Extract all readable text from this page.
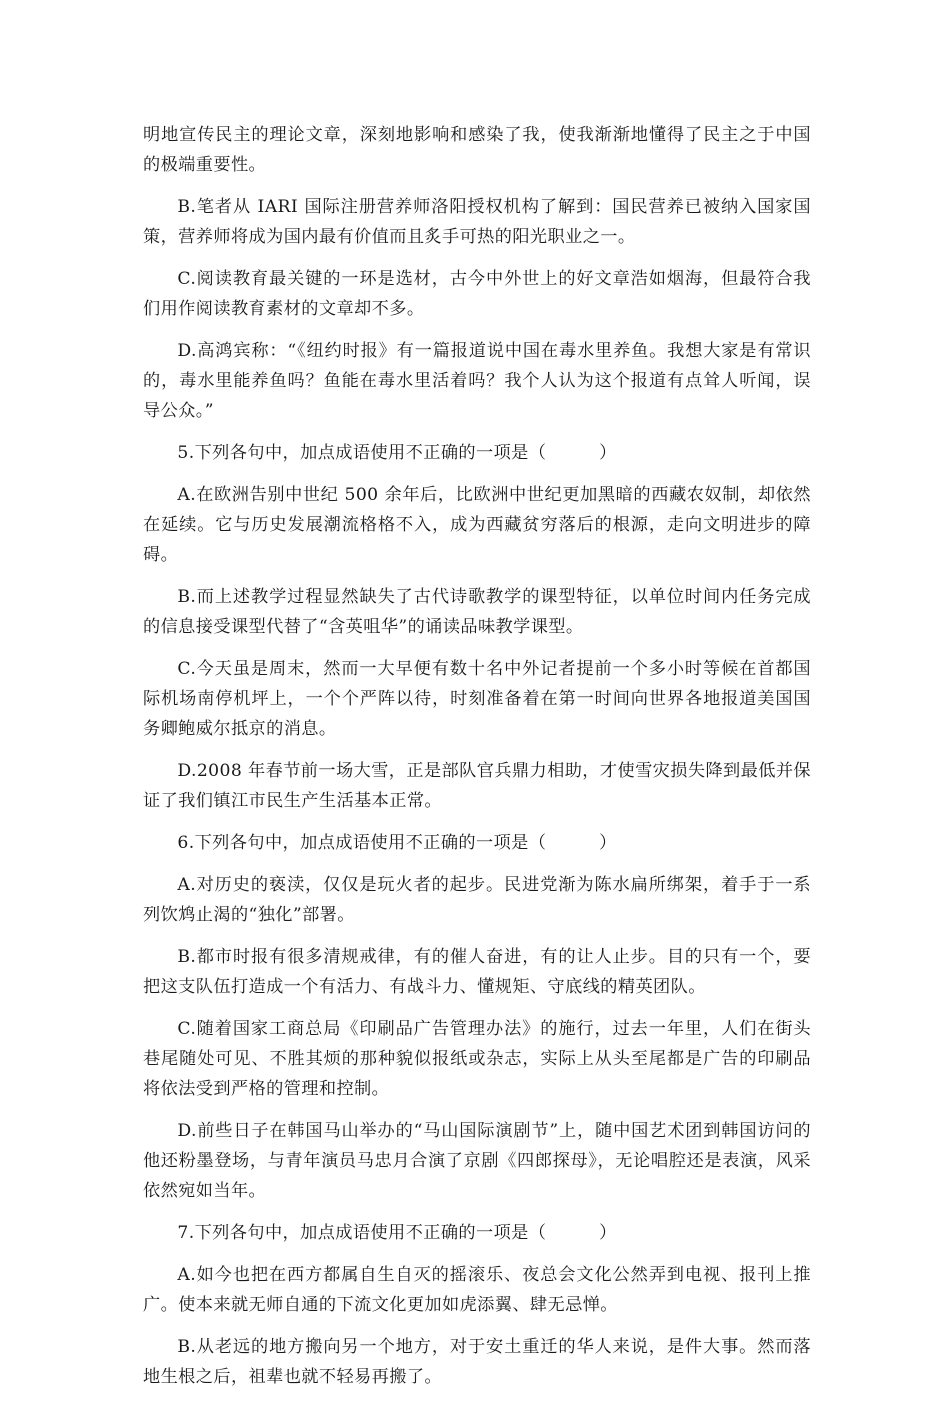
明地宣传民主的理论文章，深刻地影响和感染了我，使我渐渐地懂得了民主之于中国的极端重要性。

B.笔者从 IARI 国际注册营养师洛阳授权机构了解到：国民营养已被纳入国家国策，营养师将成为国内最有价值而且炙手可热的阳光职业之一。

C.阅读教育最关键的一环是选材，古今中外世上的好文章浩如烟海，但最符合我们用作阅读教育素材的文章却不多。

D.高鸿宾称：“《纽约时报》有一篇报道说中国在毒水里养鱼。我想大家是有常识的，毒水里能养鱼吗？鱼能在毒水里活着吗？我个人认为这个报道有点耸人听闻，误导公众。”

5.下列各句中，加点成语使用不正确的一项是（　　　）

A.在欧洲告别中世纪 500 余年后，比欧洲中世纪更加黑暗的西藏农奴制，却依然在延续。它与历史发展潮流格格不入，成为西藏贫穷落后的根源，走向文明进步的障碍。

B.而上述教学过程显然缺失了古代诗歌教学的课型特征，以单位时间内任务完成的信息接受课型代替了“含英咀华”的诵读品味教学课型。

C.今天虽是周末，然而一大早便有数十名中外记者提前一个多小时等候在首都国际机场南停机坪上，一个个严阵以待，时刻准备着在第一时间向世界各地报道美国国务卿鲍威尔抵京的消息。

D.2008 年春节前一场大雪，正是部队官兵鼎力相助，才使雪灾损失降到最低并保证了我们镇江市民生产生活基本正常。

6.下列各句中，加点成语使用不正确的一项是（　　　）

A.对历史的亵渎，仅仅是玩火者的起步。民进党渐为陈水扁所绑架，着手于一系列饮鸩止渴的“独化”部署。

B.都市时报有很多清规戒律，有的催人奋进，有的让人止步。目的只有一个，要把这支队伍打造成一个有活力、有战斗力、懂规矩、守底线的精英团队。

C.随着国家工商总局《印刷品广告管理办法》的施行，过去一年里，人们在街头巷尾随处可见、不胜其烦的那种貌似报纸或杂志，实际上从头至尾都是广告的印刷品将依法受到严格的管理和控制。

D.前些日子在韩国马山举办的“马山国际演剧节”上，随中国艺术团到韩国访问的他还粉墨登场，与青年演员马忠月合演了京剧《四郎探母》，无论唱腔还是表演，风采依然宛如当年。

7.下列各句中，加点成语使用不正确的一项是（　　　）

A.如今也把在西方都属自生自灭的摇滚乐、夜总会文化公然弄到电视、报刊上推广。使本来就无师自通的下流文化更加如虎添翼、肆无忌惮。

B.从老远的地方搬向另一个地方，对于安土重迁的华人来说，是件大事。然而落地生根之后，祖辈也就不轻易再搬了。
